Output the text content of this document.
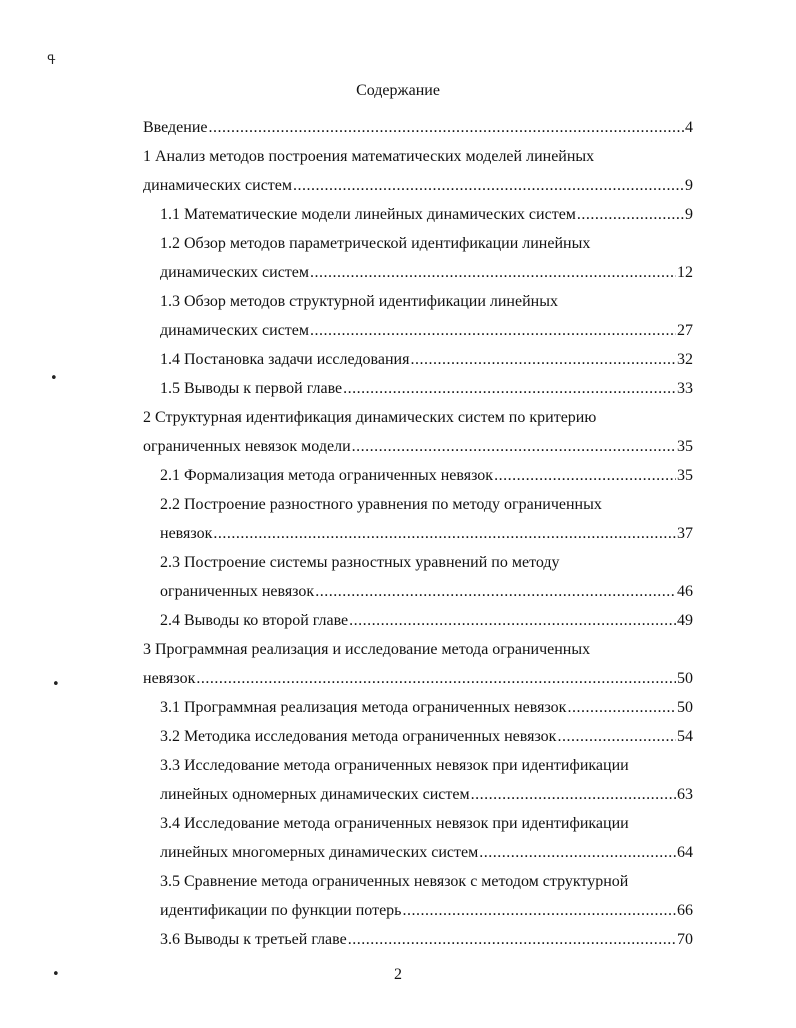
Содержание
Введение .....	4
1 Анализ методов построения математических моделей линейных
динамических систем .....	9
1.1 Математические модели линейных динамических систем .....	9
1.2 Обзор методов параметрической идентификации линейных
динамических систем .....	12
1.3 Обзор методов структурной идентификации линейных
динамических систем .....	27
1.4 Постановка задачи исследования .....	32
1.5 Выводы к первой главе .....	33
2 Структурная идентификация динамических систем по критерию
ограниченных невязок модели .....	35
2.1 Формализация метода ограниченных невязок .....	35
2.2 Построение разностного уравнения по методу ограниченных
невязок .....	37
2.3 Построение системы разностных уравнений по методу
ограниченных невязок .....	46
2.4 Выводы ко второй главе .....	49
3 Программная реализация и исследование метода ограниченных
невязок .....	50
3.1 Программная реализация метода ограниченных невязок .....	50
3.2 Методика исследования метода ограниченных невязок .....	54
3.3 Исследование метода ограниченных невязок при идентификации
линейных одномерных динамических систем .....	63
3.4 Исследование метода ограниченных невязок при идентификации
линейных многомерных динамических систем .....	64
3.5 Сравнение метода ограниченных невязок с методом структурной
идентификации по функции потерь .....	66
3.6 Выводы к третьей главе .....	70
2
ߟ
•
•
•
